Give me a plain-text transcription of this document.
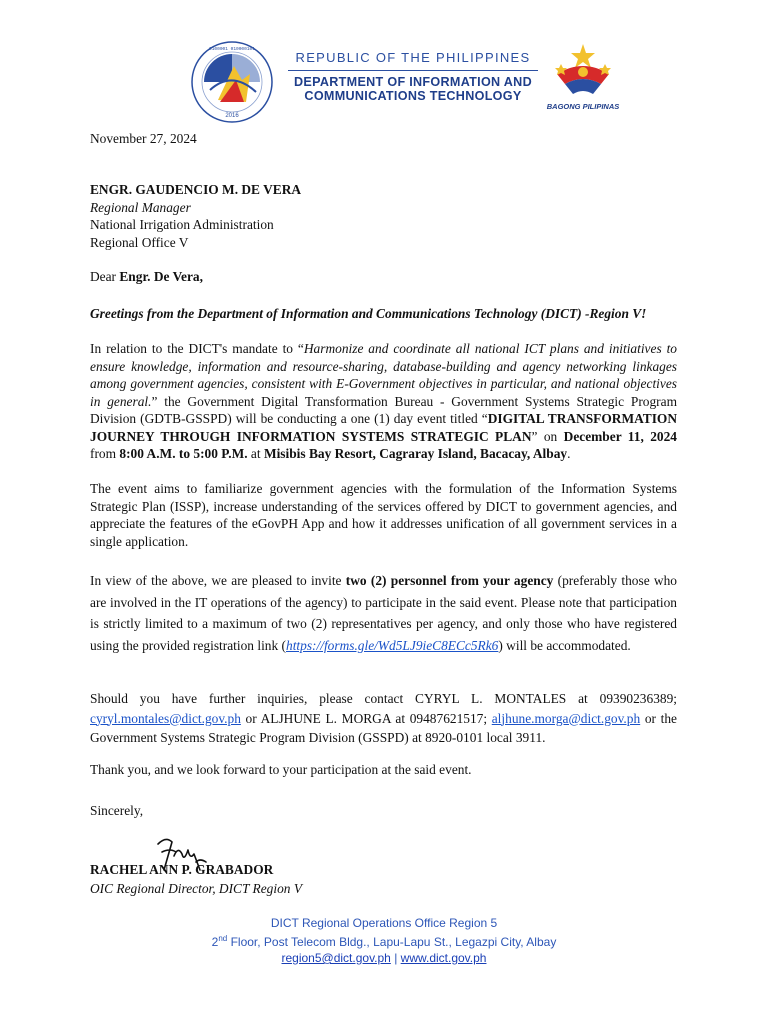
2016
0100001 010000101
REPUBLIC OF THE PHILIPPINES
DEPARTMENT OF INFORMATION AND
COMMUNICATIONS TECHNOLOGY
BAGONG PILIPINAS
November 27, 2024
ENGR. GAUDENCIO M. DE VERA
Regional Manager
National Irrigation Administration
Regional Office V
Dear Engr. De Vera,
Greetings from the Department of Information and Communications Technology (DICT) -Region V!
In relation to the DICT's mandate to “Harmonize and coordinate all national ICT plans and initiatives to ensure knowledge, information and resource-sharing, database-building and agency networking linkages among government agencies, consistent with E-Government objectives in particular, and national objectives in general.” the Government Digital Transformation Bureau - Government Systems Strategic Program Division (GDTB-GSSPD) will be conducting a one (1) day event titled “DIGITAL TRANSFORMATION JOURNEY THROUGH INFORMATION SYSTEMS STRATEGIC PLAN” on December 11, 2024 from 8:00 A.M. to 5:00 P.M. at Misibis Bay Resort, Cagraray Island, Bacacay, Albay.
The event aims to familiarize government agencies with the formulation of the Information Systems Strategic Plan (ISSP), increase understanding of the services offered by DICT to government agencies, and appreciate the features of the eGovPH App and how it addresses unification of all government services in a single application.
In view of the above, we are pleased to invite two (2) personnel from your agency (preferably those who are involved in the IT operations of the agency) to participate in the said event. Please note that participation is strictly limited to a maximum of two (2) representatives per agency, and only those who have registered using the provided registration link (https://forms.gle/Wd5LJ9ieC8ECc5Rk6) will be accommodated.
Should you have further inquiries, please contact CYRYL L. MONTALES at 09390236389; cyryl.montales@dict.gov.ph or ALJHUNE L. MORGA at 09487621517; aljhune.morga@dict.gov.ph or the Government Systems Strategic Program Division (GSSPD) at 8920-0101 local 3911.
Thank you, and we look forward to your participation at the said event.
Sincerely,
RACHEL ANN P. GRABADOR
OIC Regional Director, DICT Region V
DICT Regional Operations Office Region 5
2nd Floor, Post Telecom Bldg., Lapu-Lapu St., Legazpi City, Albay
region5@dict.gov.ph | www.dict.gov.ph
